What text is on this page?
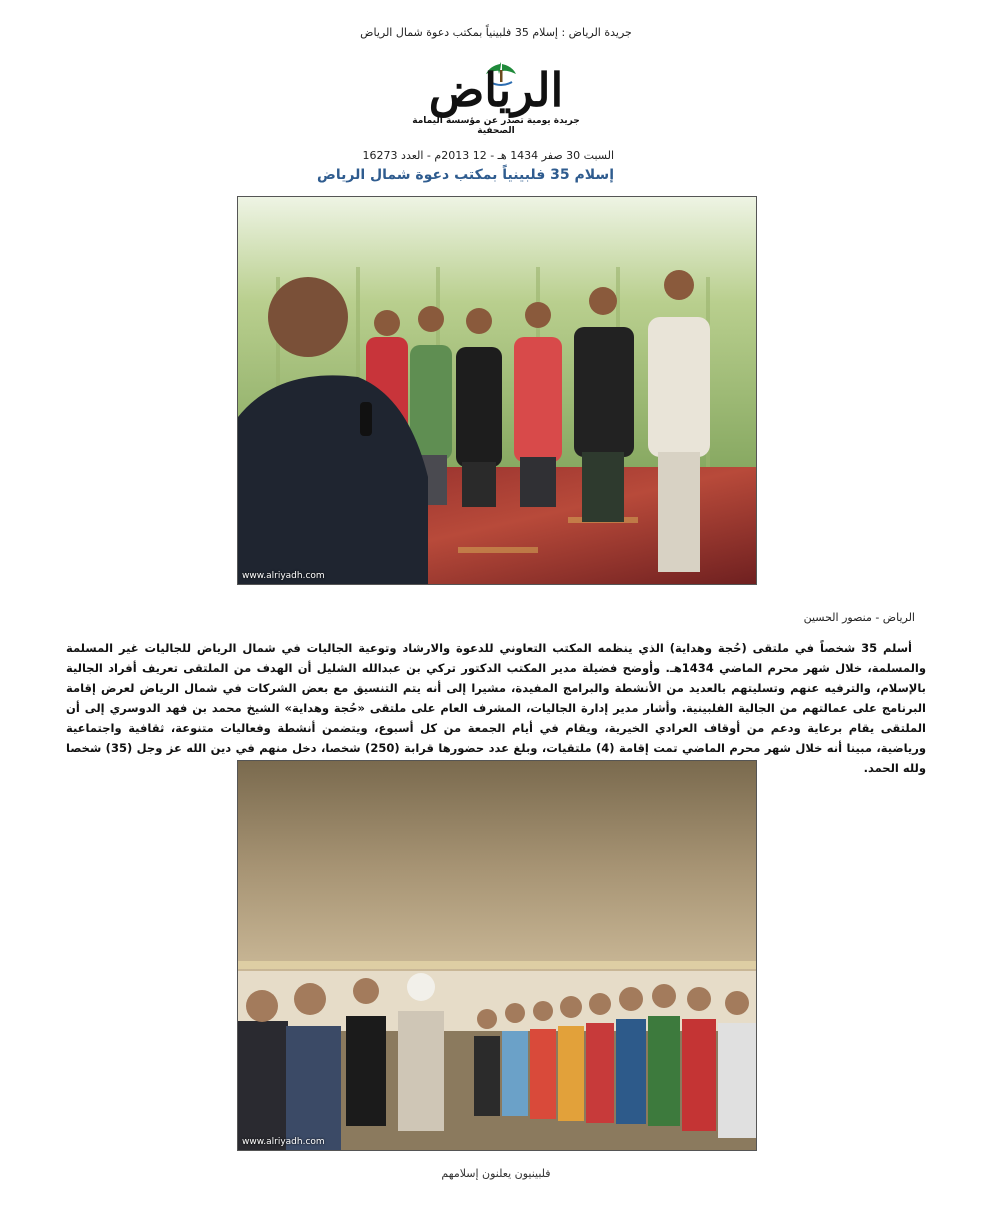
جريدة الرياض : إسلام 35 فلبينياً بمكتب دعوة شمال الرياض
الرياض
جريدة يومية تصدر عن مؤسسة اليمامة الصحفية
السبت 30 صفر 1434 هـ - 12 2013م - العدد 16273
إسلام 35 فلبينياً بمكتب دعوة شمال الرياض
www.alriyadh.com
الرياض - منصور الحسين

أسلم 35 شخصاً في ملتقى (حُجة وهداية) الذي ينظمه المكتب التعاوني للدعوة والارشاد وتوعية الجاليات في شمال الرياض للجاليات غير المسلمة والمسلمة، خلال شهر محرم الماضي 1434هـ. وأوضح فضيلة مدير المكتب الدكتور تركي بن عبدالله الشليل أن الهدف من الملتقى تعريف أفراد الجالية بالإسلام، والترفيه عنهم وتسليتهم بالعديد من الأنشطة والبرامج المفيدة، مشيرا إلى أنه يتم التنسيق مع بعض الشركات في شمال الرياض لعرض إقامة البرنامج على عمالتهم من الجالية الفلبينية. وأشار مدير إدارة الجاليات، المشرف العام على ملتقى «حُجة وهداية» الشيخ محمد بن فهد الدوسري إلى أن الملتقى يقام برعاية ودعم من أوقاف العرادي الخيرية، ويقام في أيام الجمعة من كل أسبوع، ويتضمن أنشطة وفعاليات متنوعة، ثقافية واجتماعية ورياضية، مبينا أنه خلال شهر محرم الماضي تمت إقامة (4) ملتقيات، وبلغ عدد حضورها قرابة (250) شخصا، دخل منهم في دين الله عز وجل (35) شخصا ولله الحمد.

www.alriyadh.com
فلبينيون يعلنون إسلامهم
